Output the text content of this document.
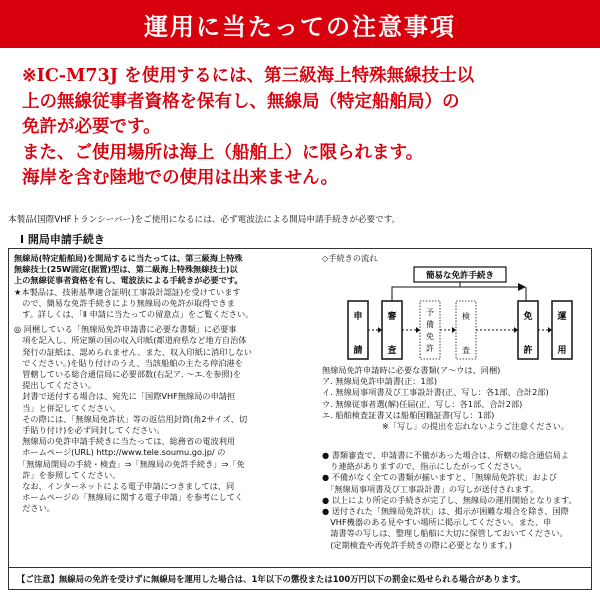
運用に当たっての注意事項
※IC-M73J を使用するには、第三級海上特殊無線技士以
上の無線従事者資格を保有し、無線局（特定船舶局）の
免許が必要です。
また、ご使用場所は海上（船舶上）に限られます。
海岸を含む陸地での使用は出来ません。
本製品(国際VHFトランシーバー)をご使用になるには、必ず電波法による開局申請手続きが必要です。
Ⅰ 開局申請手続き

無線局(特定船舶局)を開局するに当たっては、第三級海上特殊

無線技士(25W固定(据置)型は、第二級海上特殊無線技士)以

上の無線従事者資格を有し、電波法による手続きが必要です。

★本製品は、技術基準適合証明(工事設計認証)を受けています

　ので、簡易な免許手続きにより無線局の免許が取得できま

　す。詳しくは、「Ⅱ 申請に当たっての留意点」をご覧ください。

◎ 同梱している「無線局免許申請書に必要な書類」に必要事

　項を記入し、所定額の国の収入印紙(都道府県など地方自治体

　発行の証紙は、認められません。また、収入印紙に消印しない

　でください。)を貼り付けのうえ、当該船舶の主たる停泊港を

　管轄している総合通信局に必要部数(右記ア. ～エ.を参照)を

　提出してください。

　封書で送付する場合は、宛先に「国際VHF無線局の申請担

　当」と併記してください。

　その際には、「無線局免許状」等の返信用封筒(角2サイズ、切

　手貼り付け)を必ず同封してください。

　無線局の免許申請手続きに当たっては、総務省の電波利用

　ホームページ(URL) http://www.tele.soumu.go.jp/ の

　「無線局開局の手続・検査」⇒「無線局の免許手続き」⇒「免

　許」を参照してください。

　なお、インターネットによる電子申請につきましては、同

　ホームページの「無線局に関する電子申請」を参考にしてく

　ださい。

◇手続きの流れ
簡易な免許手続き
申
請
審
査
予
備
免
許
検
査
免
許
運
用

無線局免許申請時に必要な書類(ア～ウは、同梱)

ア. 無線局免許申請書(正：1部)

イ. 無線局事項書及び工事設計書(正、写し：各1部、合計2部)

ウ. 無線従事者選(解)任届(正、写し：各1部、合計2部)

エ. 船舶検査証書又は船舶国籍証書(写し：1部)

※「写し」の提出を忘れないようご注意ください。

● 書類審査で、申請書に不備があった場合は、所轄の総合通信局よ

　り連絡がありますので、指示にしたがってください。

● 不備がなく全ての書類が揃いますと、「無線局免許状」および

　「無線局事項書及び工事設計書」の写しが送付されます。

● 以上により所定の手続きが完了し、無線局の運用開始となります。

● 送付された「無線局免許状」は、掲示が困難な場合を除き、国際

　VHF機器のある見やすい場所に掲示してください。また、申

　請書等の写しは、整理し船舶に大切に保管しておいてください。

　(定期検査や再免許手続きの際に必要となります。)

【ご注意】 無線局の免許を受けずに無線局を運用した場合は、1年以下の懲役または100万円以下の罰金に処せられる場合があります。
